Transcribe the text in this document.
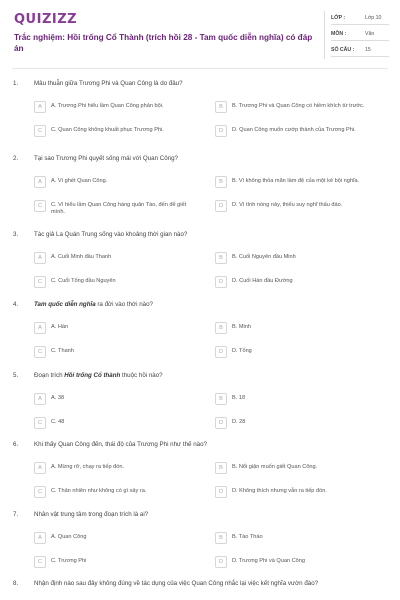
QUIZIZZ
Trắc nghiệm: Hồi trống Cổ Thành (trích hồi 28 - Tam quốc diễn nghĩa) có đáp án
LỚP :	Lớp 10
MÔN :	Văn
SỐ CÂU : 15
1.	Mâu thuẫn giữa Trương Phi và Quan Công là do đâu?
A	A. Trương Phi hiểu lầm Quan Công phản bội.	B	B. Trương Phi và Quan Công có hiềm khích từ trước.
C	C. Quan Công không khuất phục Trương Phi.	D	D. Quan Công muốn cướp thành của Trương Phi.
2.	Tại sao Trương Phi quyết sống mái với Quan Công?
A	A. Vì ghét Quan Công.	B	B. Vì không thỏa mãn làm đệ của một kẻ bội nghĩa.
C	C. Vì hiểu lầm Quan Công hàng quân Tào, đến để giết mình.
D	D. Vì tính nóng nảy, thiếu suy nghĩ thấu đáo.
3.	Tác giả La Quán Trung sống vào khoảng thời gian nào?
A	A. Cuối Minh đầu Thanh	B	B. Cuối Nguyên đầu Minh
C	C. Cuối Tống đầu Nguyên	D	D. Cuối Hán đầu Đường
4.	Tam quốc diễn nghĩa ra đời vào thời nào?
A	A. Hán	B	B. Minh
C	C. Thanh	D	D. Tống
5.	Đoạn trích Hồi trống Cổ thành thuộc hồi nào?
A	A. 38	B	B. 18
C	C. 48	D	D. 28
6.	Khi thấy Quan Công đến, thái độ của Trương Phi như thế nào?
A	A. Mừng rỡ, chạy ra tiếp đón.	B	B. Nổi giận muốn giết Quan Công.
C	C. Thản nhiên như không có gì xảy ra.	D	D. Không thích nhưng vẫn ra tiếp đón.
7.	Nhân vật trung tâm trong đoạn trích là ai?
A	A. Quan Công	B	B. Tào Tháo
C	C. Trương Phi	D	D. Trương Phi và Quan Công
8.	Nhận định nào sau đây không đúng về tác dụng của việc Quan Công nhắc lại việc kết nghĩa vườn đào?
